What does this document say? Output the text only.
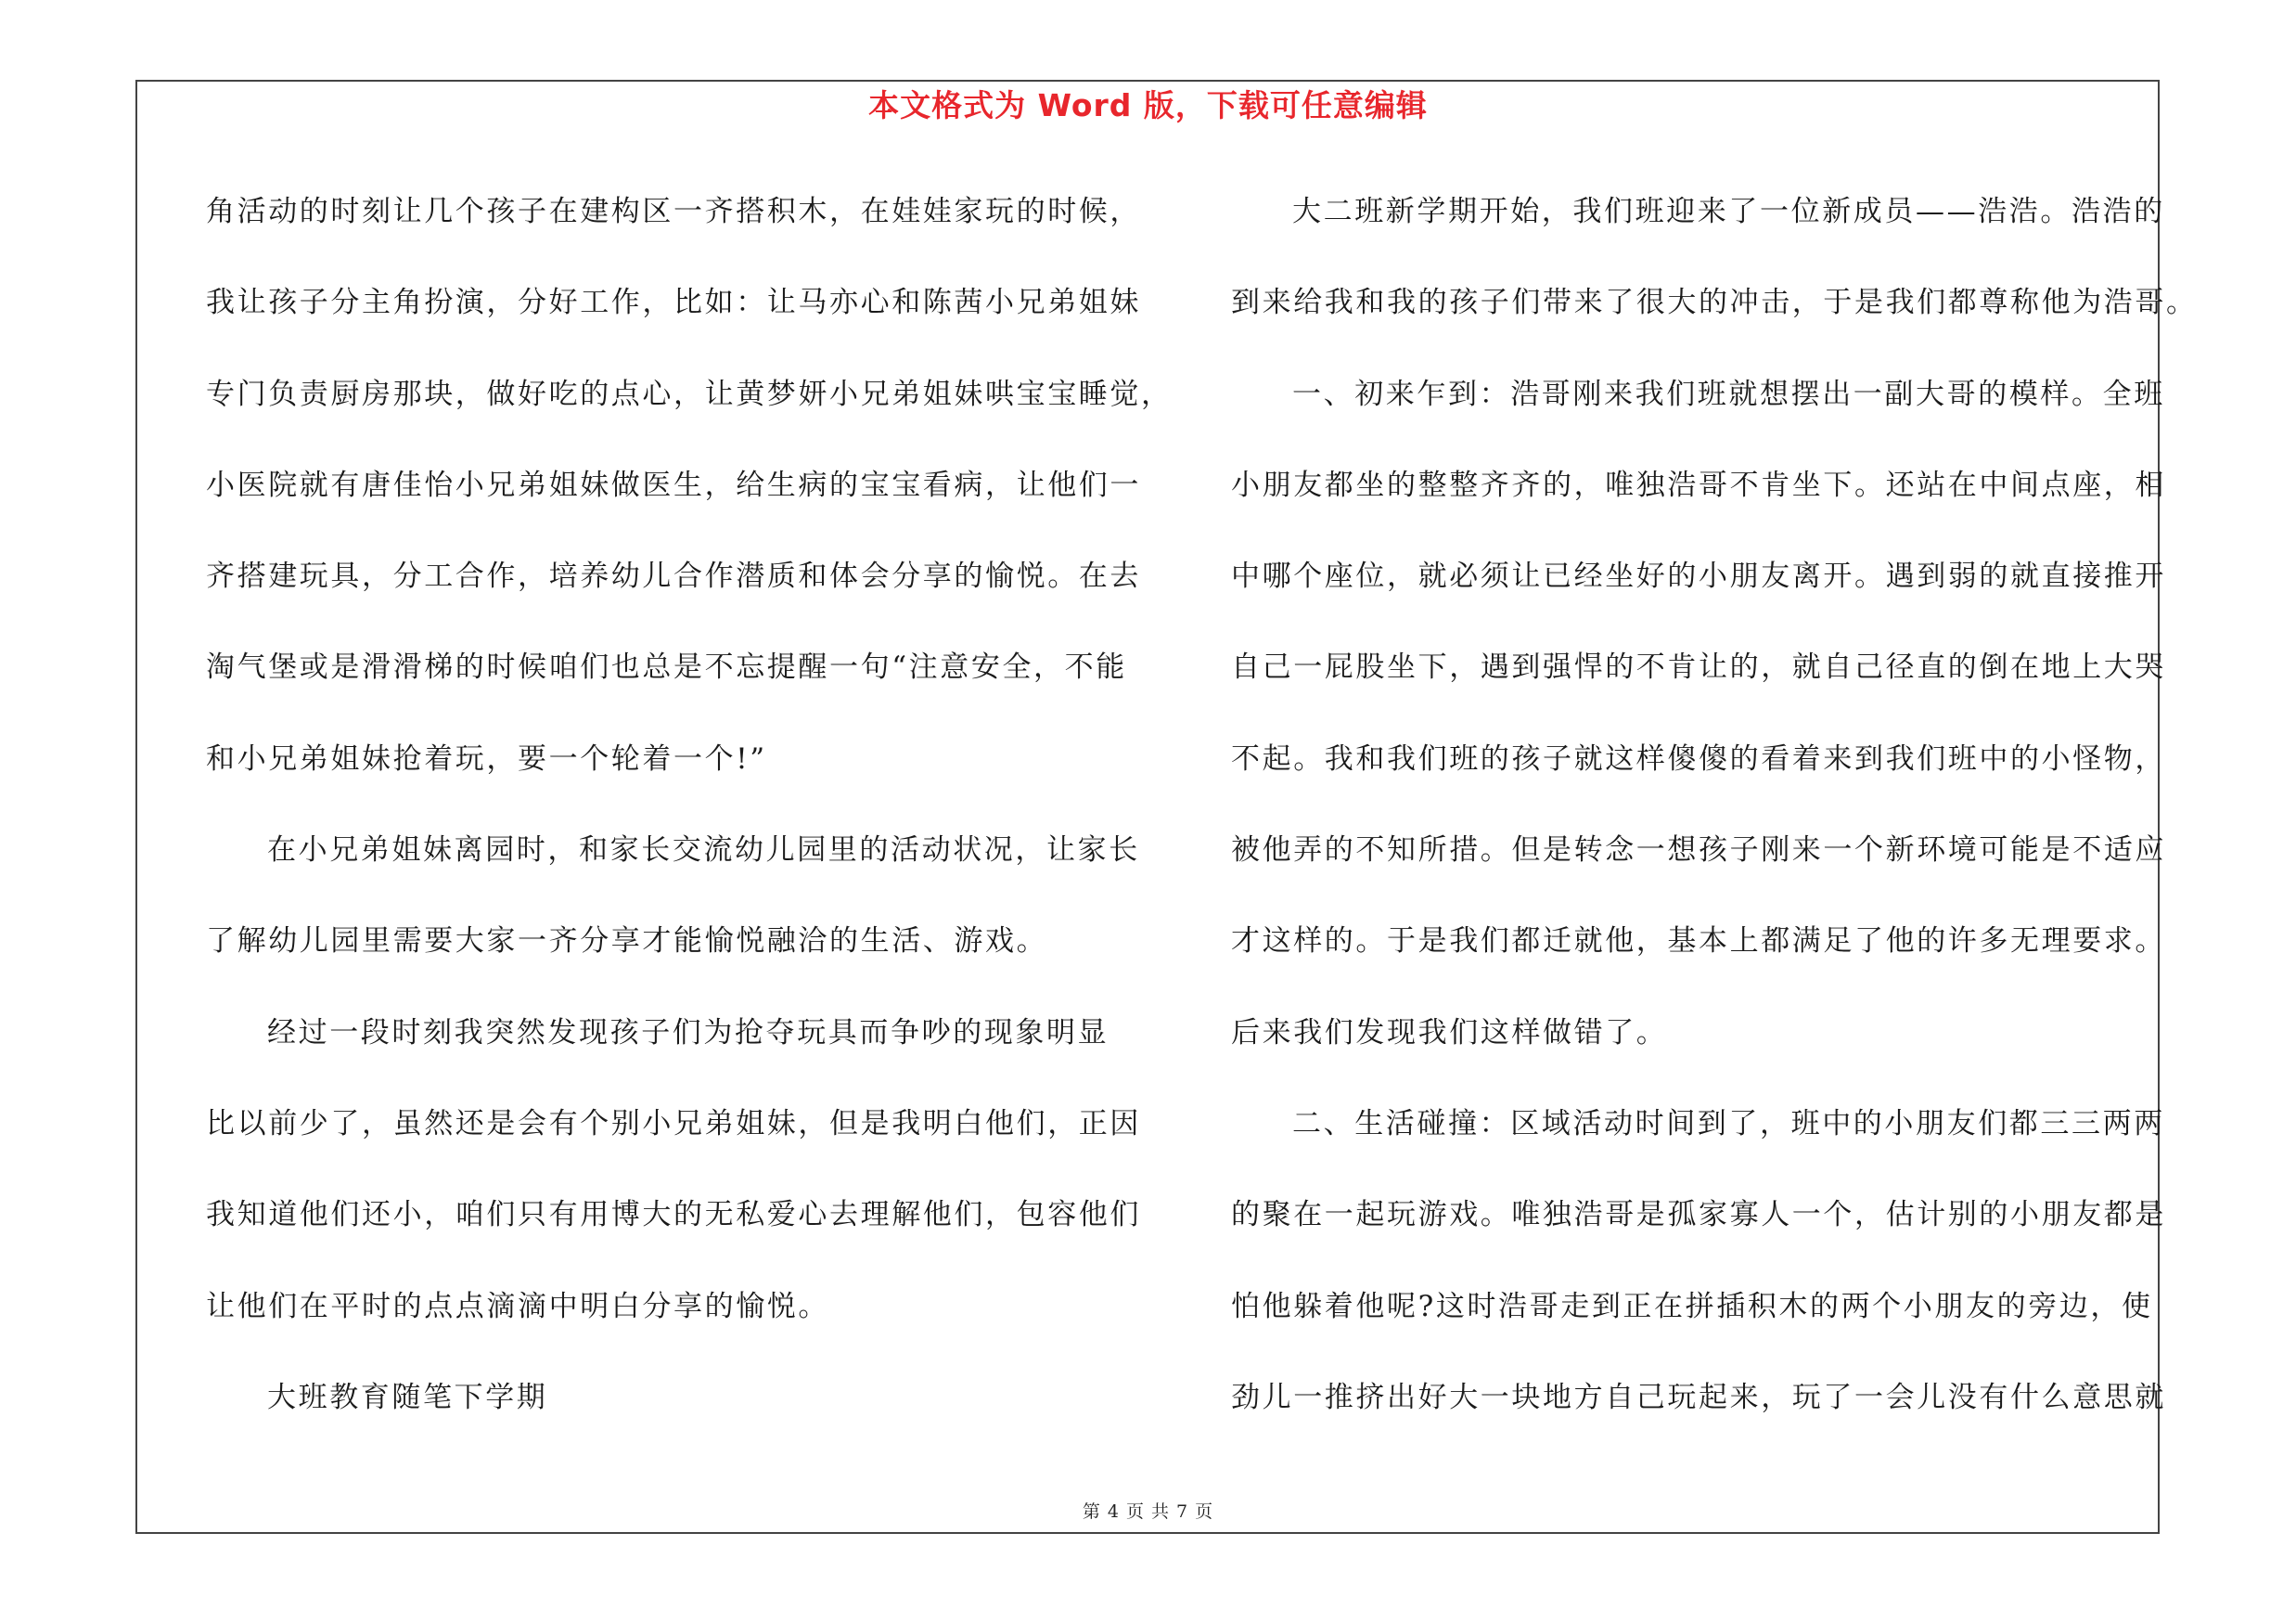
本文格式为 Word 版，下载可任意编辑
角活动的时刻让几个孩子在建构区一齐搭积木，在娃娃家玩的时候，
我让孩子分主角扮演，分好工作，比如：让马亦心和陈茜小兄弟姐妹
专门负责厨房那块，做好吃的点心，让黄梦妍小兄弟姐妹哄宝宝睡觉，
小医院就有唐佳怡小兄弟姐妹做医生，给生病的宝宝看病，让他们一
齐搭建玩具，分工合作，培养幼儿合作潜质和体会分享的愉悦。在去
淘气堡或是滑滑梯的时候咱们也总是不忘提醒一句“注意安全，不能
和小兄弟姐妹抢着玩，要一个轮着一个!”
在小兄弟姐妹离园时，和家长交流幼儿园里的活动状况，让家长
了解幼儿园里需要大家一齐分享才能愉悦融洽的生活、游戏。
经过一段时刻我突然发现孩子们为抢夺玩具而争吵的现象明显
比以前少了，虽然还是会有个别小兄弟姐妹，但是我明白他们，正因
我知道他们还小，咱们只有用博大的无私爱心去理解他们，包容他们
让他们在平时的点点滴滴中明白分享的愉悦。
大班教育随笔下学期
大二班新学期开始，我们班迎来了一位新成员——浩浩。浩浩的
到来给我和我的孩子们带来了很大的冲击，于是我们都尊称他为浩哥。
一、初来乍到：浩哥刚来我们班就想摆出一副大哥的模样。全班
小朋友都坐的整整齐齐的，唯独浩哥不肯坐下。还站在中间点座，相
中哪个座位，就必须让已经坐好的小朋友离开。遇到弱的就直接推开
自己一屁股坐下，遇到强悍的不肯让的，就自己径直的倒在地上大哭
不起。我和我们班的孩子就这样傻傻的看着来到我们班中的小怪物，
被他弄的不知所措。但是转念一想孩子刚来一个新环境可能是不适应
才这样的。于是我们都迁就他，基本上都满足了他的许多无理要求。
后来我们发现我们这样做错了。
二、生活碰撞：区域活动时间到了，班中的小朋友们都三三两两
的聚在一起玩游戏。唯独浩哥是孤家寡人一个，估计别的小朋友都是
怕他躲着他呢?这时浩哥走到正在拼插积木的两个小朋友的旁边，使
劲儿一推挤出好大一块地方自己玩起来，玩了一会儿没有什么意思就
第 4 页 共 7 页
